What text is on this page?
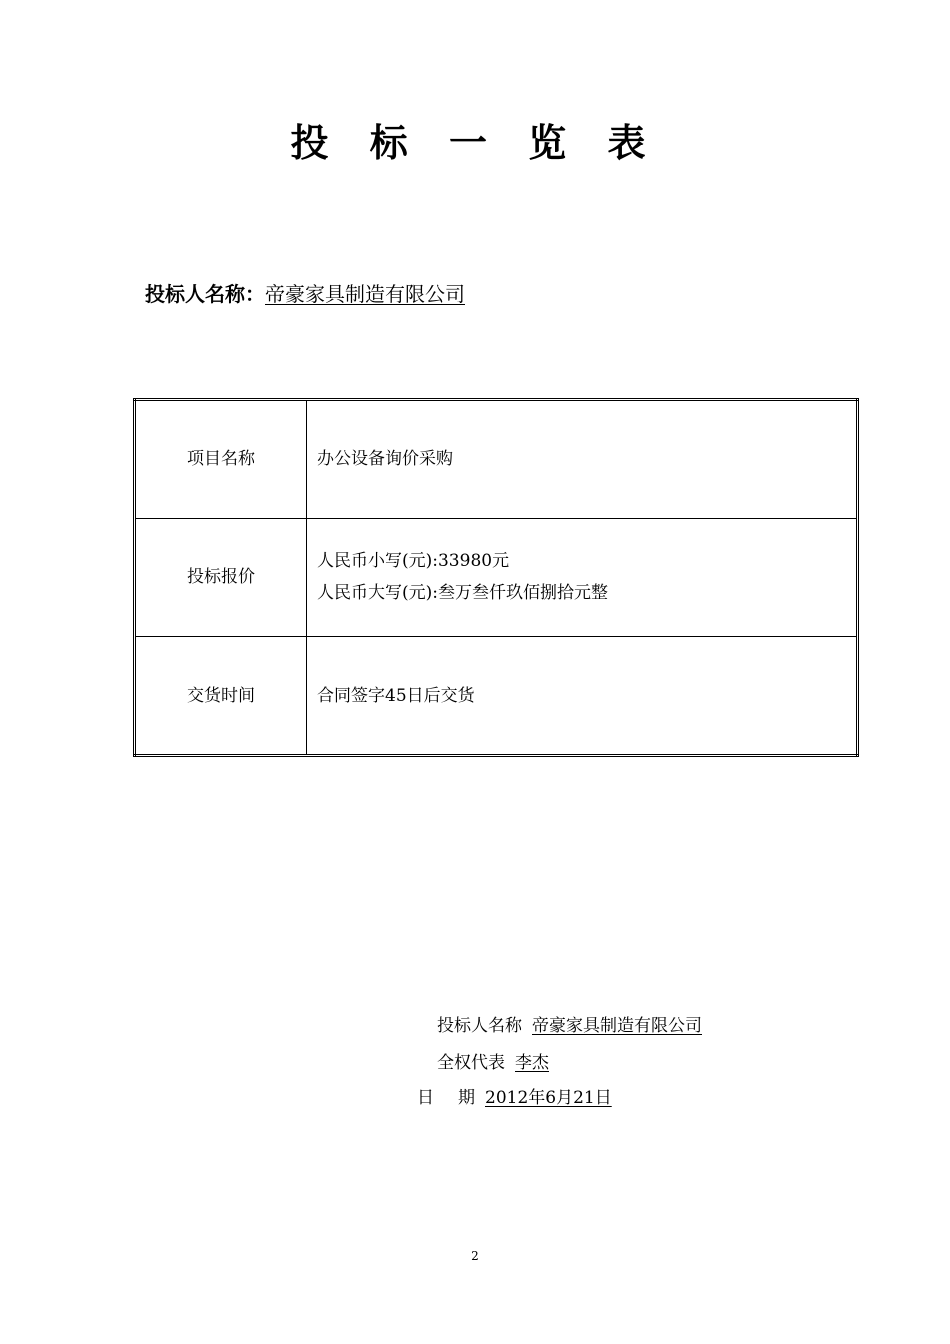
投 标 一 览 表
投标人名称：帝豪家具制造有限公司
项目名称	办公设备询价采购

投标报价	人民币小写(元):33980元
人民币大写(元):叁万叁仟玖佰捌拾元整

交货时间	合同签字45日后交货
投标人名称 帝豪家具制造有限公司
全权代表 李杰
日 期 2012年6月21日
2
